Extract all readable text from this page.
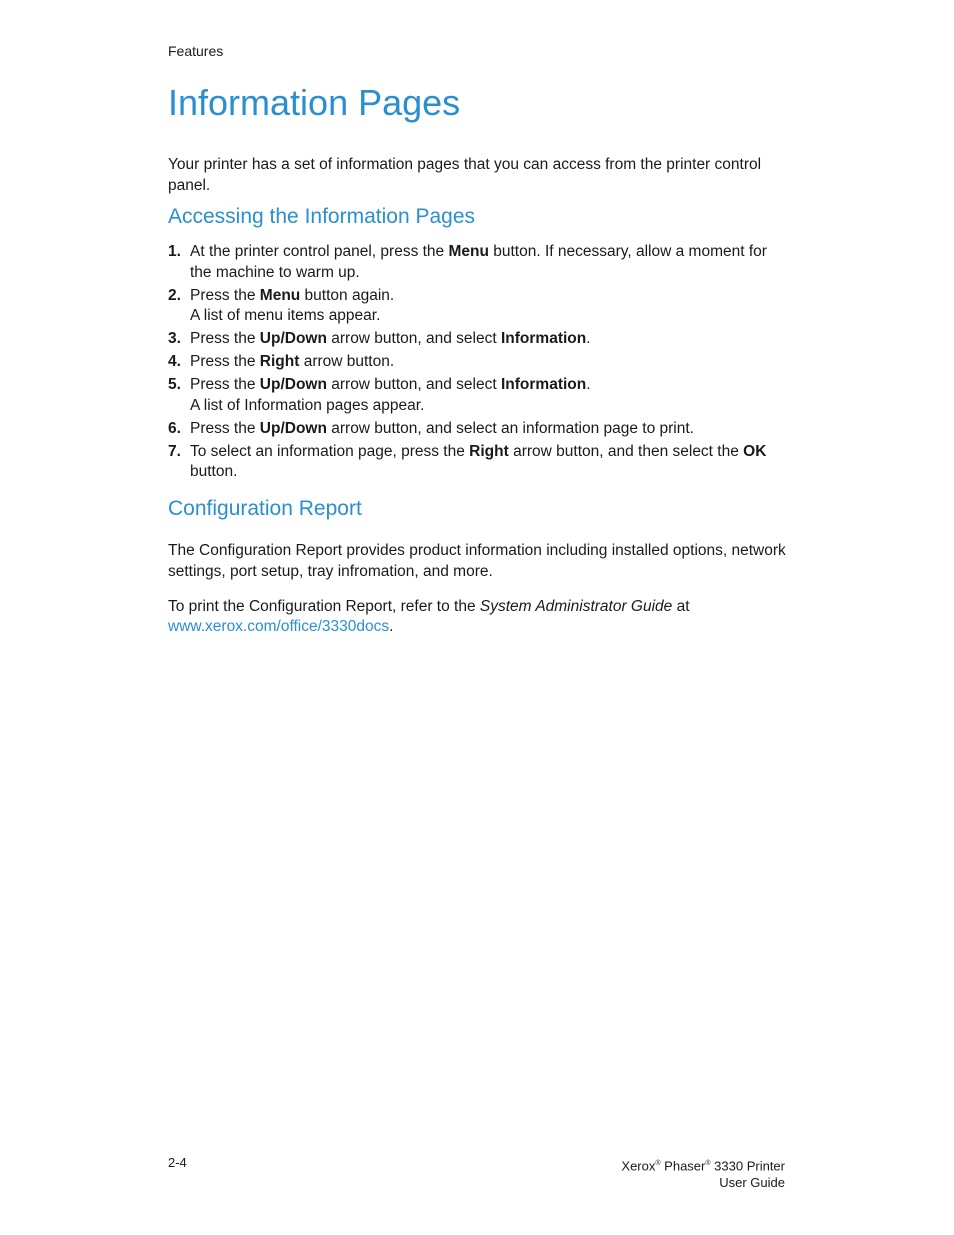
Features
Information Pages

Your printer has a set of information pages that you can access from the printer control panel.

Accessing the Information Pages
1. At the printer control panel, press the Menu button. If necessary, allow a moment for the machine to warm up.
2. Press the Menu button again.
A list of menu items appear.
3. Press the Up/Down arrow button, and select Information.
4. Press the Right arrow button.
5. Press the Up/Down arrow button, and select Information.
A list of Information pages appear.
6. Press the Up/Down arrow button, and select an information page to print.
7. To select an information page, press the Right arrow button, and then select the OK button.
Configuration Report

The Configuration Report provides product information including installed options, network settings, port setup, tray infromation, and more.

To print the Configuration Report, refer to the System Administrator Guide at
www.xerox.com/office/3330docs.

2-4	Xerox® Phaser® 3330 Printer
User Guide
